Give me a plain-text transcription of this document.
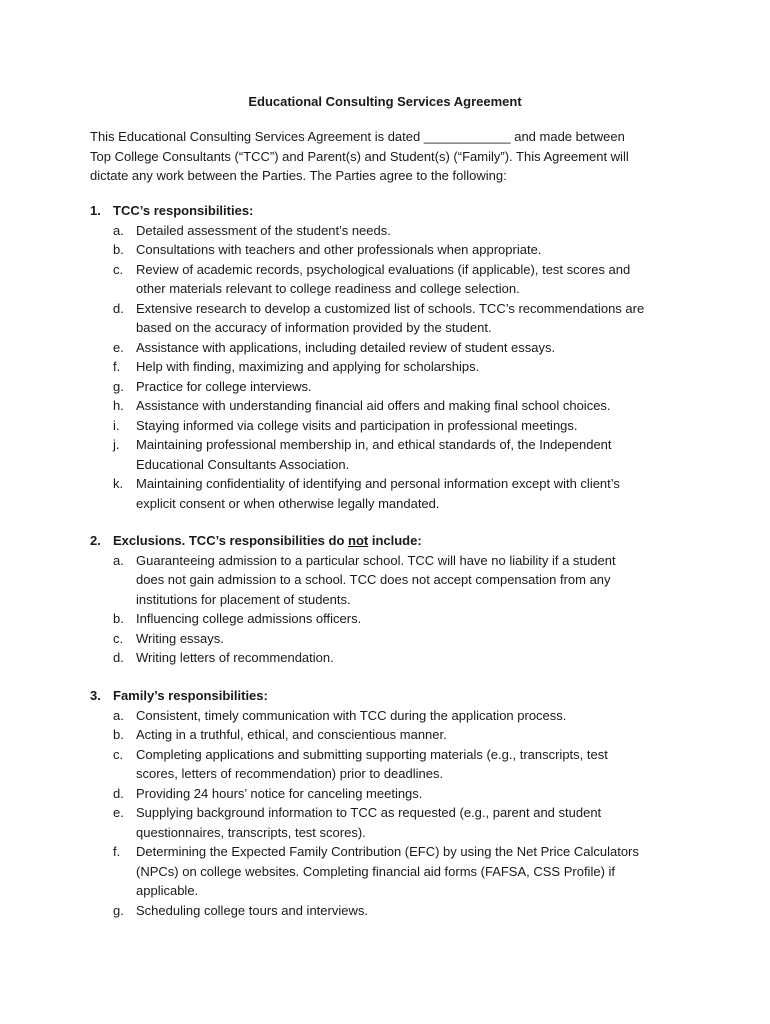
Educational Consulting Services Agreement

This Educational Consulting Services Agreement is dated ____________ and made between

Top College Consultants (“TCC”) and Parent(s) and Student(s) (“Family”). This Agreement will

dictate any work between the Parties. The Parties agree to the following:

1. TCC’s responsibilities:

a. Detailed assessment of the student’s needs.
b. Consultations with teachers and other professionals when appropriate.
c. Review of academic records, psychological evaluations (if applicable), test scores and
other materials relevant to college readiness and college selection.
d. Extensive research to develop a customized list of schools. TCC’s recommendations are
based on the accuracy of information provided by the student.
e. Assistance with applications, including detailed review of student essays.
f. Help with finding, maximizing and applying for scholarships.
g. Practice for college interviews.
h. Assistance with understanding financial aid offers and making final school choices.
i. Staying informed via college visits and participation in professional meetings.
j. Maintaining professional membership in, and ethical standards of, the Independent
Educational Consultants Association.
k. Maintaining confidentiality of identifying and personal information except with client’s
explicit consent or when otherwise legally mandated.

2. Exclusions. TCC’s responsibilities do not include:

a. Guaranteeing admission to a particular school. TCC will have no liability if a student
does not gain admission to a school. TCC does not accept compensation from any
institutions for placement of students.
b. Influencing college admissions officers.
c. Writing essays.
d. Writing letters of recommendation.

3. Family’s responsibilities:

a. Consistent, timely communication with TCC during the application process.
b. Acting in a truthful, ethical, and conscientious manner.
c. Completing applications and submitting supporting materials (e.g., transcripts, test
scores, letters of recommendation) prior to deadlines.
d. Providing 24 hours’ notice for canceling meetings.
e. Supplying background information to TCC as requested (e.g., parent and student
questionnaires, transcripts, test scores).
f. Determining the Expected Family Contribution (EFC) by using the Net Price Calculators
(NPCs) on college websites. Completing financial aid forms (FAFSA, CSS Profile) if
applicable.
g. Scheduling college tours and interviews.
